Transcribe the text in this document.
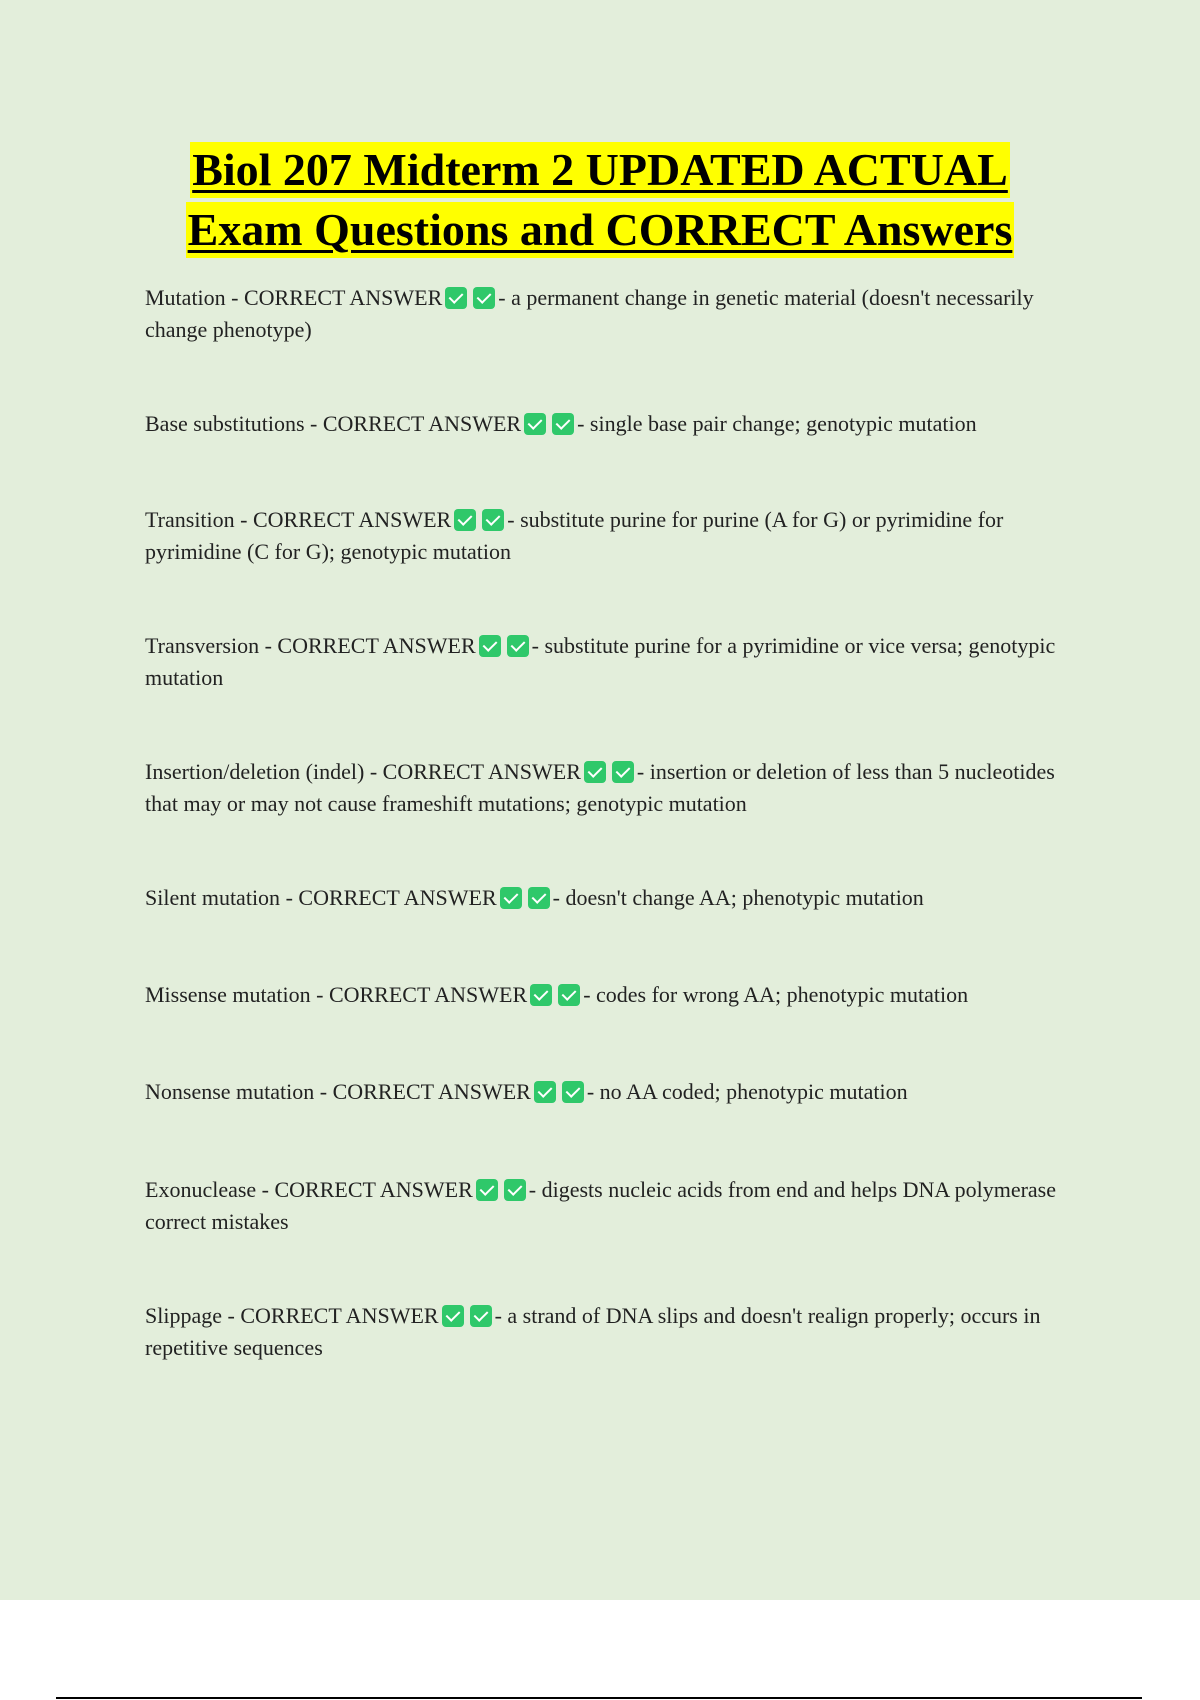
Biol 207 Midterm 2 UPDATED ACTUAL
Exam Questions and CORRECT Answers

Mutation - CORRECT ANSWER	- a permanent change in genetic material (doesn't necessarily change phenotype)

Base substitutions - CORRECT ANSWER	- single base pair change; genotypic mutation

Transition - CORRECT ANSWER	- substitute purine for purine (A for G) or pyrimidine for pyrimidine (C for G); genotypic mutation

Transversion - CORRECT ANSWER	- substitute purine for a pyrimidine or vice versa; genotypic mutation

Insertion/deletion (indel) - CORRECT ANSWER	- insertion or deletion of less than 5 nucleotides that may or may not cause frameshift mutations; genotypic mutation

Silent mutation - CORRECT ANSWER	- doesn't change AA; phenotypic mutation

Missense mutation - CORRECT ANSWER	- codes for wrong AA; phenotypic mutation

Nonsense mutation - CORRECT ANSWER	- no AA coded; phenotypic mutation

Exonuclease - CORRECT ANSWER	- digests nucleic acids from end and helps DNA polymerase correct mistakes

Slippage - CORRECT ANSWER	- a strand of DNA slips and doesn't realign properly; occurs in repetitive sequences
